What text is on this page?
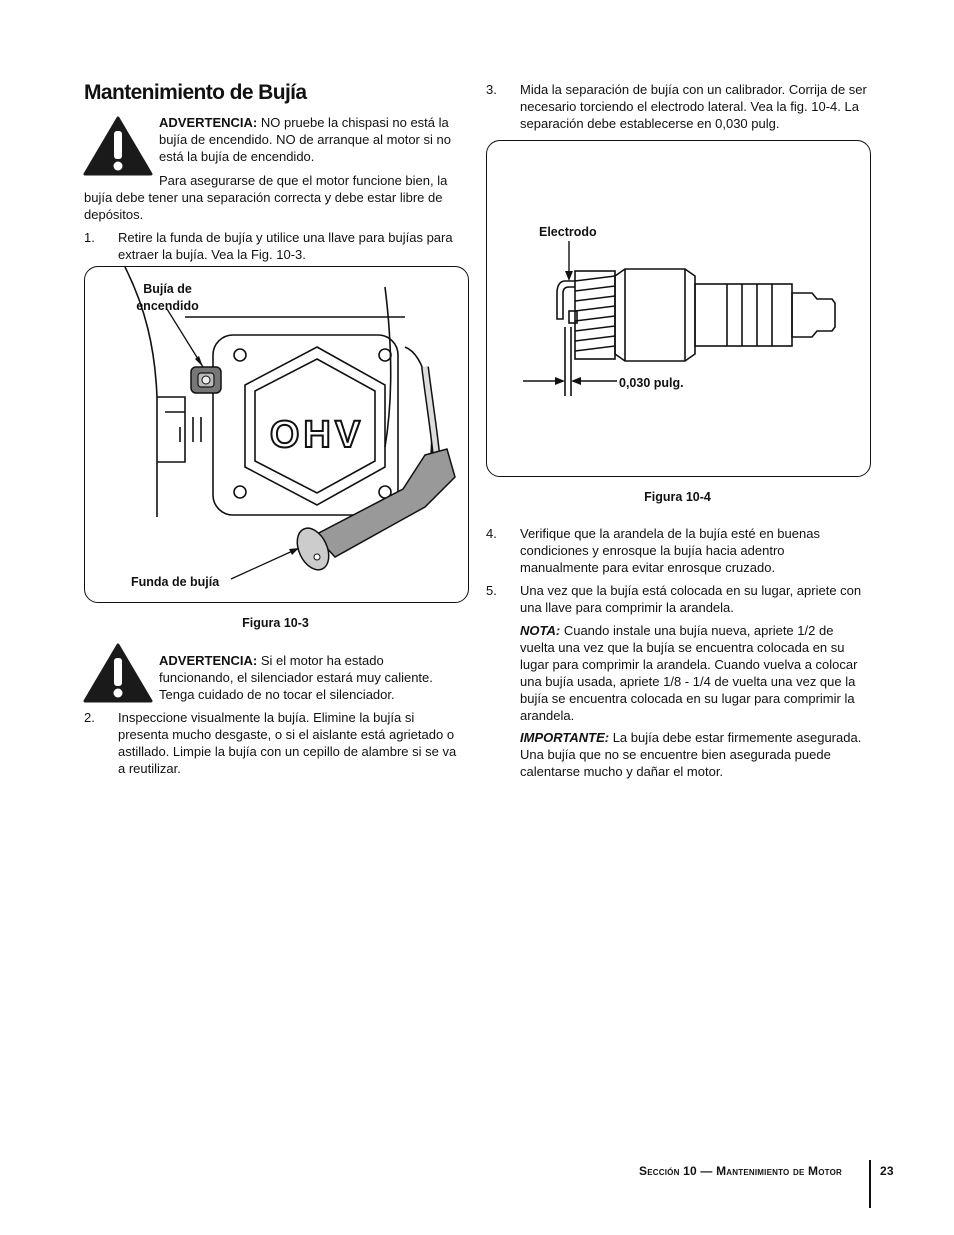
Mantenimiento de Bujía
ADVERTENCIA: NO pruebe la chispasi no está la
bujía de encendido. NO de arranque al motor si no
está la bujía de encendido.
Para asegurarse de que el motor funcione bien, la
bujía debe tener una separación correcta y debe estar libre de
depósitos.
1. Retire la funda de bujía y utilice una llave para bujías para
extraer la bujía. Vea la Fig. 10-3.
OHV
Bujía de
encendido
Funda de bujía
Figura 10-3
ADVERTENCIA: Si el motor ha estado
funcionando, el silenciador estará muy caliente.
Tenga cuidado de no tocar el silenciador.
2. Inspeccione visualmente la bujía. Elimine la bujía si
presenta mucho desgaste, o si el aislante está agrietado o
astillado. Limpie la bujía con un cepillo de alambre si se va
a reutilizar.
3. Mida la separación de bujía con un calibrador. Corrija de ser
necesario torciendo el electrodo lateral. Vea la fig. 10-4. La
separación debe establecerse en 0,030 pulg.
Electrodo
0,030 pulg.
Figura 10-4
4. Verifique que la arandela de la bujía esté en buenas
condiciones y enrosque la bujía hacia adentro
manualmente para evitar enrosque cruzado.
5. Una vez que la bujía está colocada en su lugar, apriete con
una llave para comprimir la arandela.
NOTA: Cuando instale una bujía nueva, apriete 1/2 de
vuelta una vez que la bujía se encuentra colocada en su
lugar para comprimir la arandela. Cuando vuelva a colocar
una bujía usada, apriete 1/8 - 1/4 de vuelta una vez que la
bujía se encuentra colocada en su lugar para comprimir la
arandela.
IMPORTANTE: La bujía debe estar firmemente asegurada.
Una bujía que no se encuentre bien asegurada puede
calentarse mucho y dañar el motor.
Sección 10 — Mantenimiento de Motor	23
